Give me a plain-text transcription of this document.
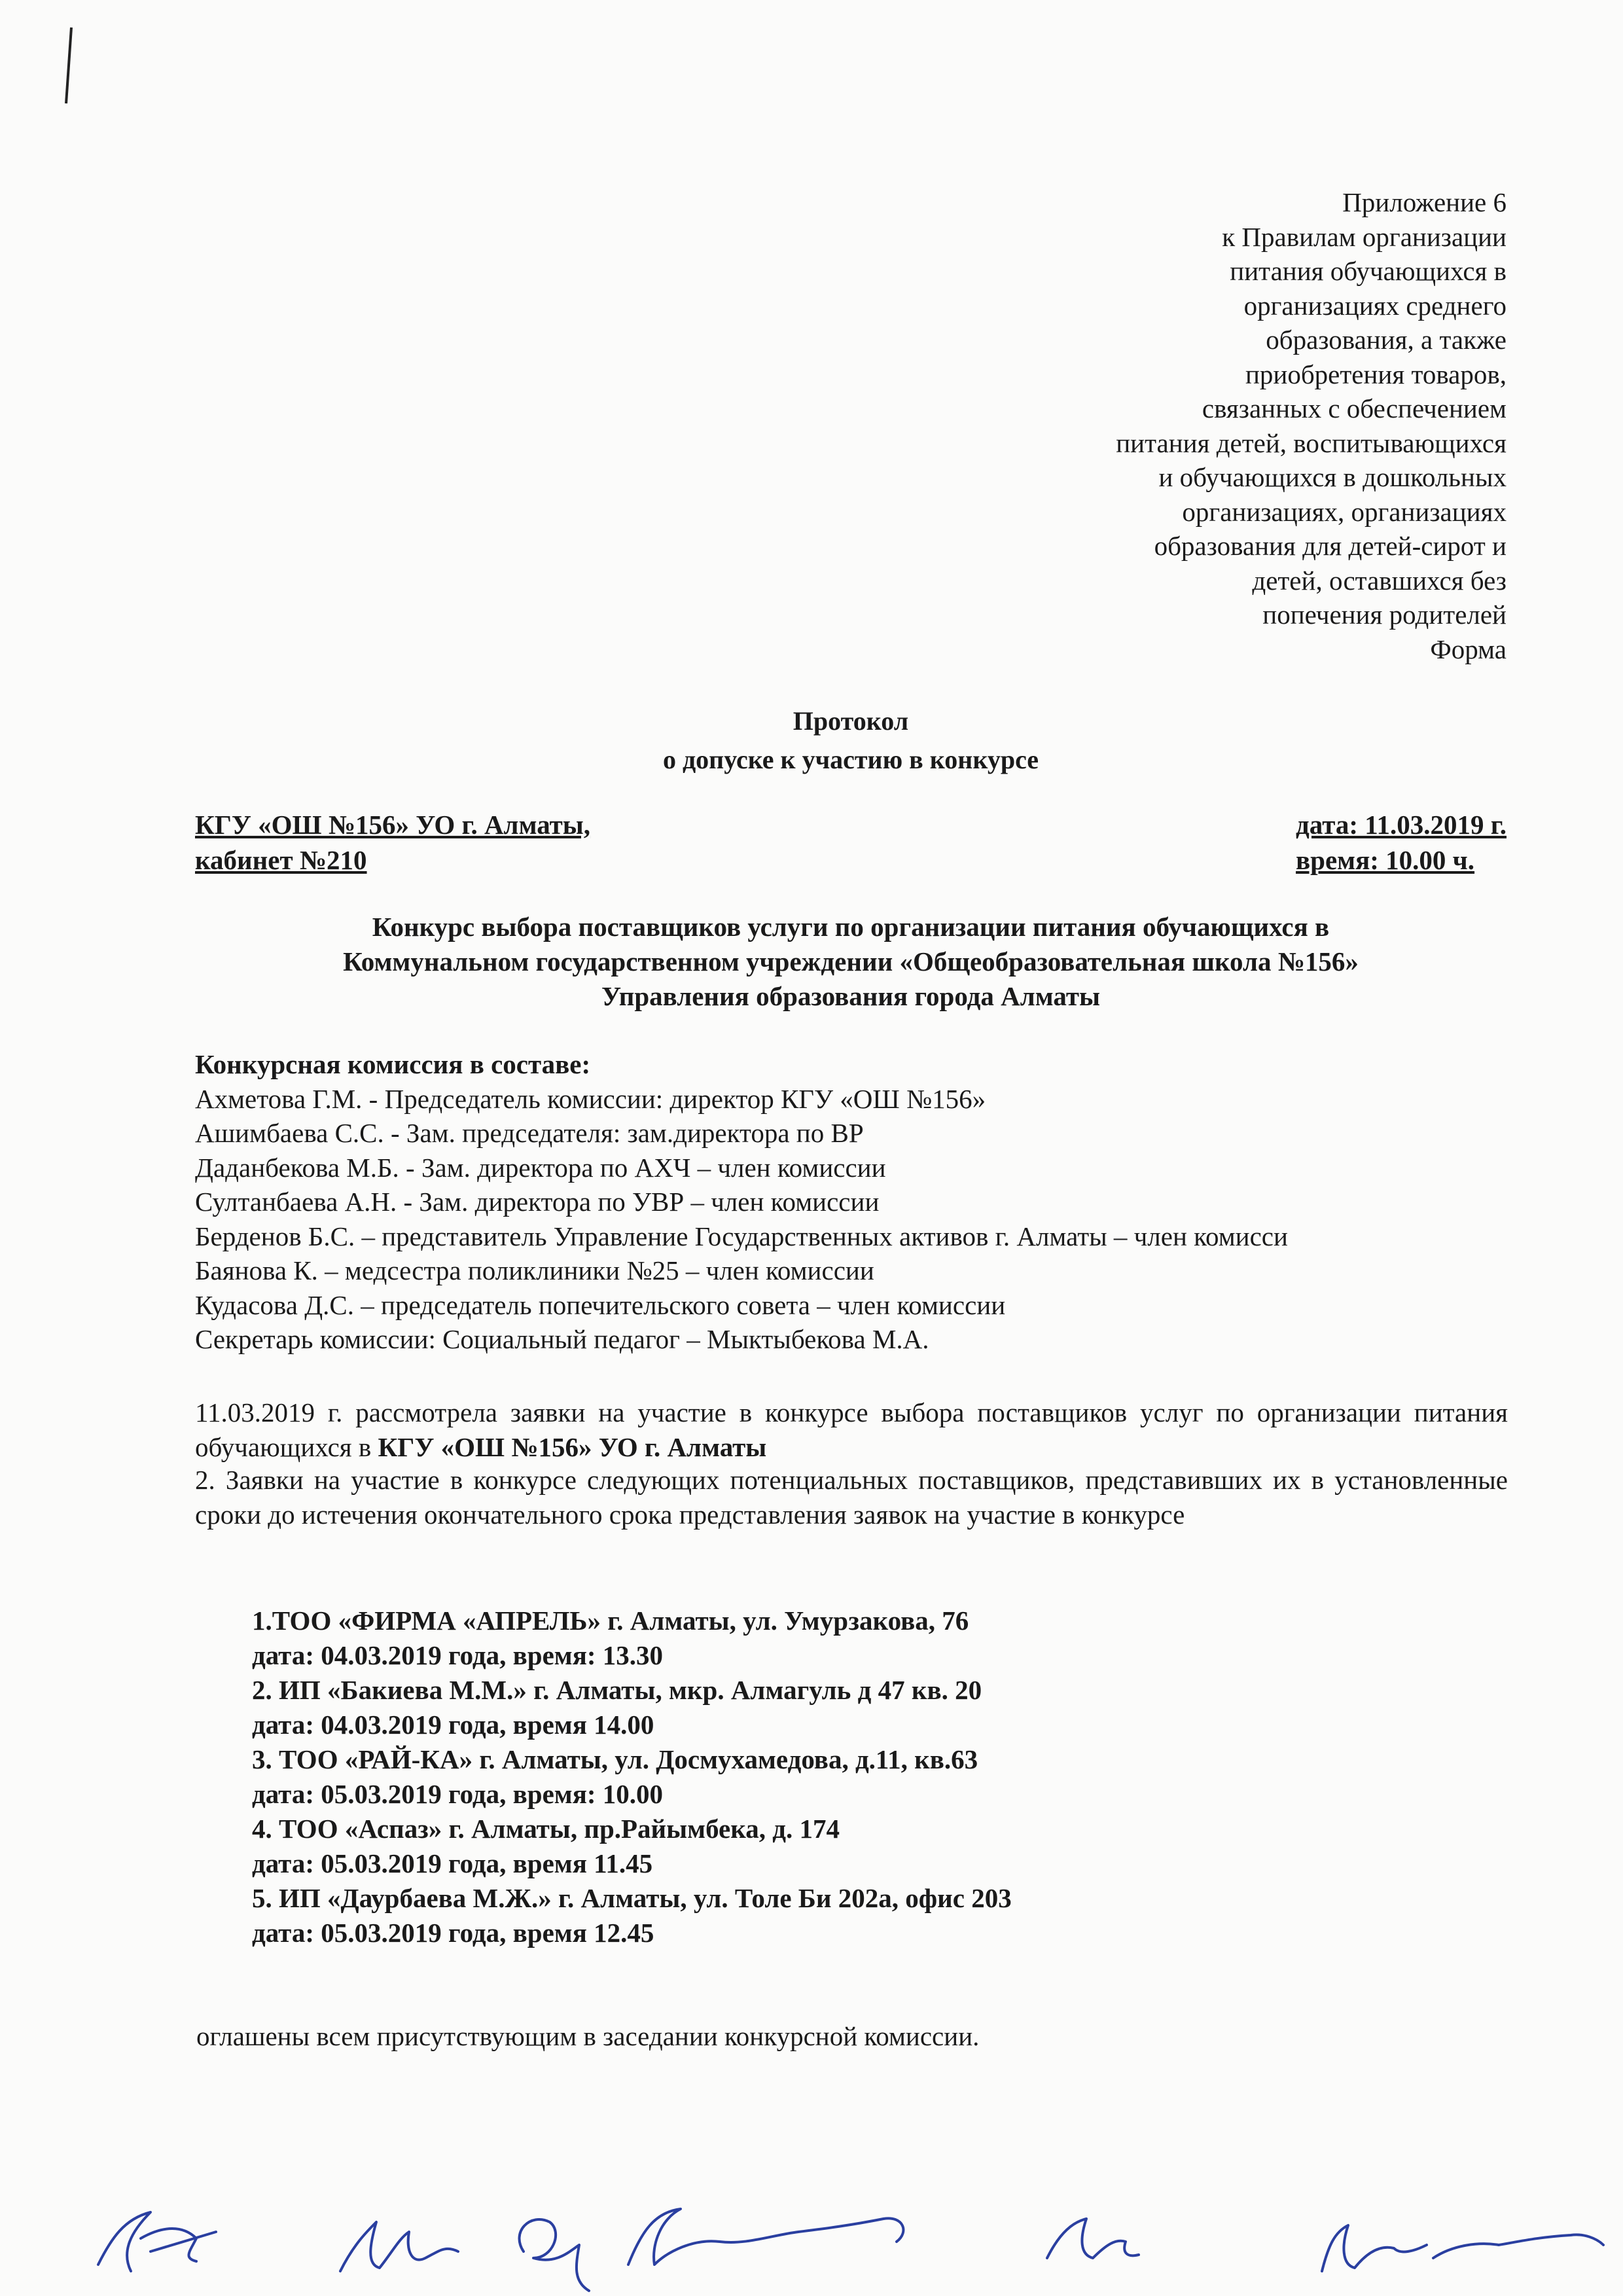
Приложение 6
к Правилам организации
питания обучающихся в
организациях среднего
образования, а также
приобретения товаров,
связанных с обеспечением
питания детей, воспитывающихся
и обучающихся в дошкольных
организациях, организациях
образования для детей-сирот и
детей, оставшихся без
попечения родителей
Форма
Протокол
о допуске к участию в конкурсе
КГУ «ОШ №156» УО г. Алматы,
кабинет №210
дата: 11.03.2019 г.
время: 10.00 ч.
Конкурс выбора поставщиков услуги по организации питания обучающихся в
Коммунальном государственном учреждении «Общеобразовательная школа №156»
Управления образования города Алматы
Конкурсная комиссия в составе:
Ахметова Г.М. - Председатель комиссии: директор КГУ «ОШ №156»
Ашимбаева С.С. - Зам. председателя: зам.директора по ВР
Даданбекова М.Б. - Зам. директора по АХЧ – член комиссии
Султанбаева А.Н. - Зам. директора по УВР – член комиссии
Берденов Б.С. – представитель Управление Государственных активов г. Алматы – член комисси
Баянова К. – медсестра поликлиники №25 – член комиссии
Кудасова Д.С. – председатель попечительского совета – член комиссии
Секретарь комиссии: Социальный педагог – Мыктыбекова М.А.
11.03.2019 г. рассмотрела заявки на участие в конкурсе выбора поставщиков услуг по организации питания обучающихся в КГУ «ОШ №156» УО г. Алматы
2. Заявки на участие в конкурсе следующих потенциальных поставщиков, представивших их в установленные сроки до истечения окончательного срока представления заявок на участие в конкурсе
1.ТОО «ФИРМА «АПРЕЛЬ» г. Алматы, ул. Умурзакова, 76
дата: 04.03.2019 года, время: 13.30
2. ИП «Бакиева М.М.» г. Алматы, мкр. Алмагуль д 47 кв. 20
дата: 04.03.2019 года, время 14.00
3. ТОО «РАЙ-КА» г. Алматы, ул. Досмухамедова, д.11, кв.63
дата: 05.03.2019 года, время: 10.00
4. ТОО «Аспаз» г. Алматы, пр.Райымбека, д. 174
дата: 05.03.2019 года, время 11.45
5. ИП «Даурбаева М.Ж.» г. Алматы, ул. Толе Би 202а, офис 203
дата: 05.03.2019 года, время 12.45
оглашены всем присутствующим в заседании конкурсной комиссии.
